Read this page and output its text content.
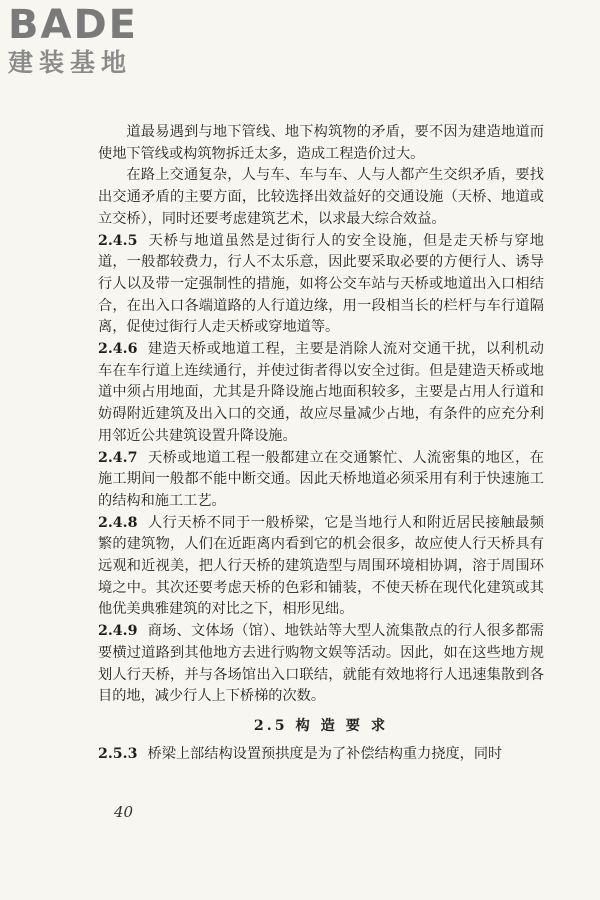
BADE
建装基地

道最易遇到与地下管线、地下构筑物的矛盾，要不因为建造地道而使地下管线或构筑物拆迁太多，造成工程造价过大。

在路上交通复杂，人与车、车与车、人与人都产生交织矛盾，要找出交通矛盾的主要方面，比较选择出效益好的交通设施（天桥、地道或立交桥），同时还要考虑建筑艺术，以求最大综合效益。

2.4.5 天桥与地道虽然是过街行人的安全设施，但是走天桥与穿地道，一般都较费力，行人不太乐意，因此要采取必要的方便行人、诱导行人以及带一定强制性的措施，如将公交车站与天桥或地道出入口相结合，在出入口各端道路的人行道边缘，用一段相当长的栏杆与车行道隔离，促使过街行人走天桥或穿地道等。

2.4.6 建造天桥或地道工程，主要是消除人流对交通干扰，以利机动车在车行道上连续通行，并使过街者得以安全过街。但是建造天桥或地道中须占用地面，尤其是升降设施占地面积较多，主要是占用人行道和妨碍附近建筑及出入口的交通，故应尽量减少占地，有条件的应充分利用邻近公共建筑设置升降设施。

2.4.7 天桥或地道工程一般都建立在交通繁忙、人流密集的地区，在施工期间一般都不能中断交通。因此天桥地道必须采用有利于快速施工的结构和施工工艺。

2.4.8 人行天桥不同于一般桥梁，它是当地行人和附近居民接触最频繁的建筑物，人们在近距离内看到它的机会很多，故应使人行天桥具有远观和近视美，把人行天桥的建筑造型与周围环境相协调，溶于周围环境之中。其次还要考虑天桥的色彩和铺装，不使天桥在现代化建筑或其他优美典雅建筑的对比之下，相形见绌。

2.4.9 商场、文体场（馆）、地铁站等大型人流集散点的行人很多都需要横过道路到其他地方去进行购物文娱等活动。因此，如在这些地方规划人行天桥，并与各场馆出入口联结，就能有效地将行人迅速集散到各目的地，减少行人上下桥梯的次数。

2.5 构 造 要 求

2.5.3 桥梁上部结构设置预拱度是为了补偿结构重力挠度，同时

40
